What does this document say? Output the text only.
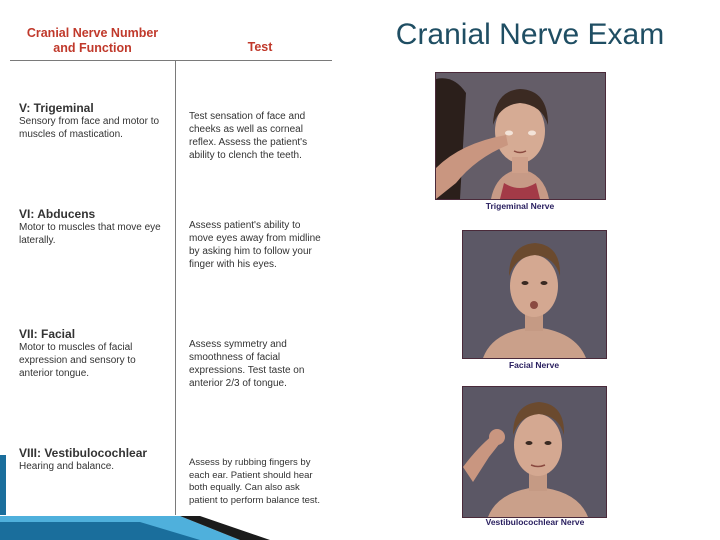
Cranial Nerve Exam
Cranial Nerve Number and Function	Test
V: Trigeminal
Sensory from face and motor to muscles of mastication.
Test sensation of face and cheeks as well as corneal reflex. Assess the patient's ability to clench the teeth.
VI: Abducens
Motor to muscles that move eye laterally.
Assess patient's ability to move eyes away from midline by asking him to follow your finger with his eyes.
VII: Facial
Motor to muscles of facial expression and sensory to anterior tongue.
Assess symmetry and smoothness of facial expressions. Test taste on anterior 2/3 of tongue.
VIII: Vestibulocochlear
Hearing and balance.	Assess by rubbing fingers by each ear. Patient should hear both equally. Can also ask patient to perform balance test.
Trigeminal Nerve
Facial Nerve
Vestibulocochlear Nerve
